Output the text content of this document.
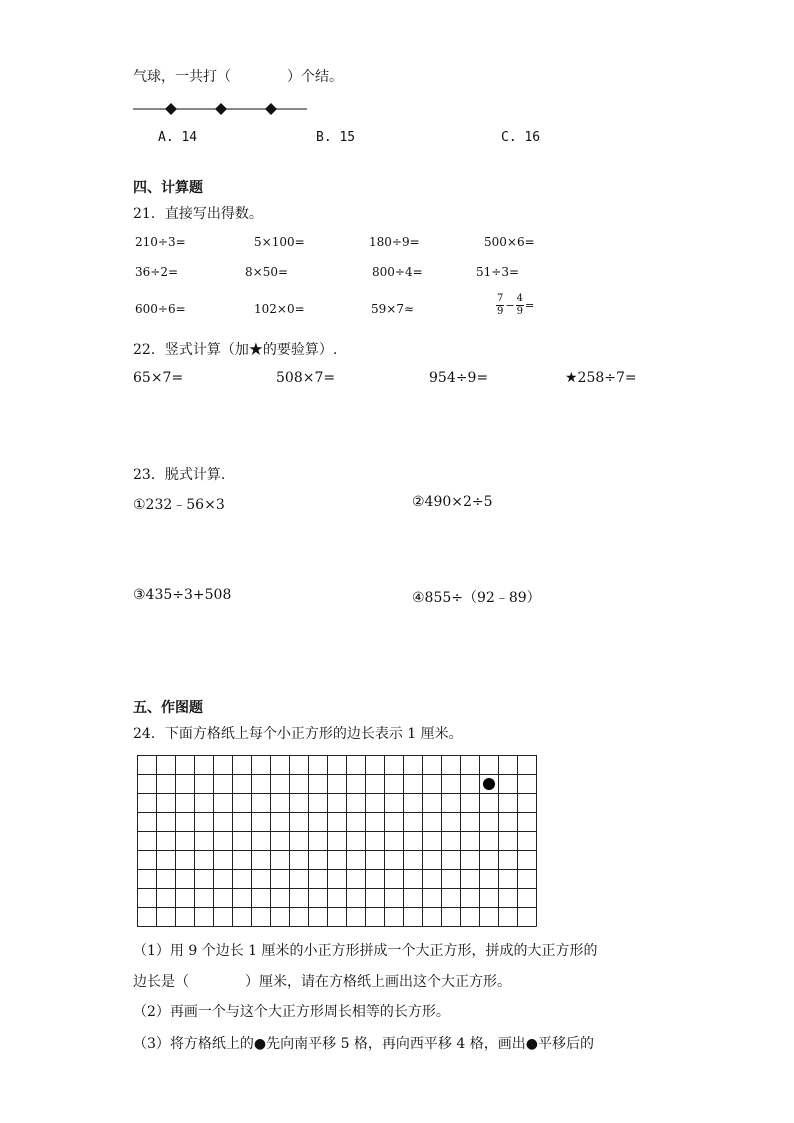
气球，一共打（　　　　）个结。
A. 14	B. 15	C. 16
四、计算题
21．直接写出得数。
210÷3=	5×100=	180÷9=	500×6=
36÷2=	8×50=	800÷4=	51÷3=
600÷6=	102×0=	59×7≈	$\frac{7}{9} - \frac{4}{9}$ =
22．竖式计算（加★的要验算）.
65×7=	508×7=	954÷9=	★258÷7=
23．脱式计算.
①232﹣56×3	②490×2÷5
③435÷3+508	④855÷（92﹣89）
五、作图题
24．下面方格纸上每个小正方形的边长表示 1 厘米。
（1）用 9 个边长 1 厘米的小正方形拼成一个大正方形，拼成的大正方形的
边长是（　　　　）厘米，请在方格纸上画出这个大正方形。
（2）再画一个与这个大正方形周长相等的长方形。
（3）将方格纸上的●先向南平移 5 格，再向西平移 4 格，画出●平移后的
